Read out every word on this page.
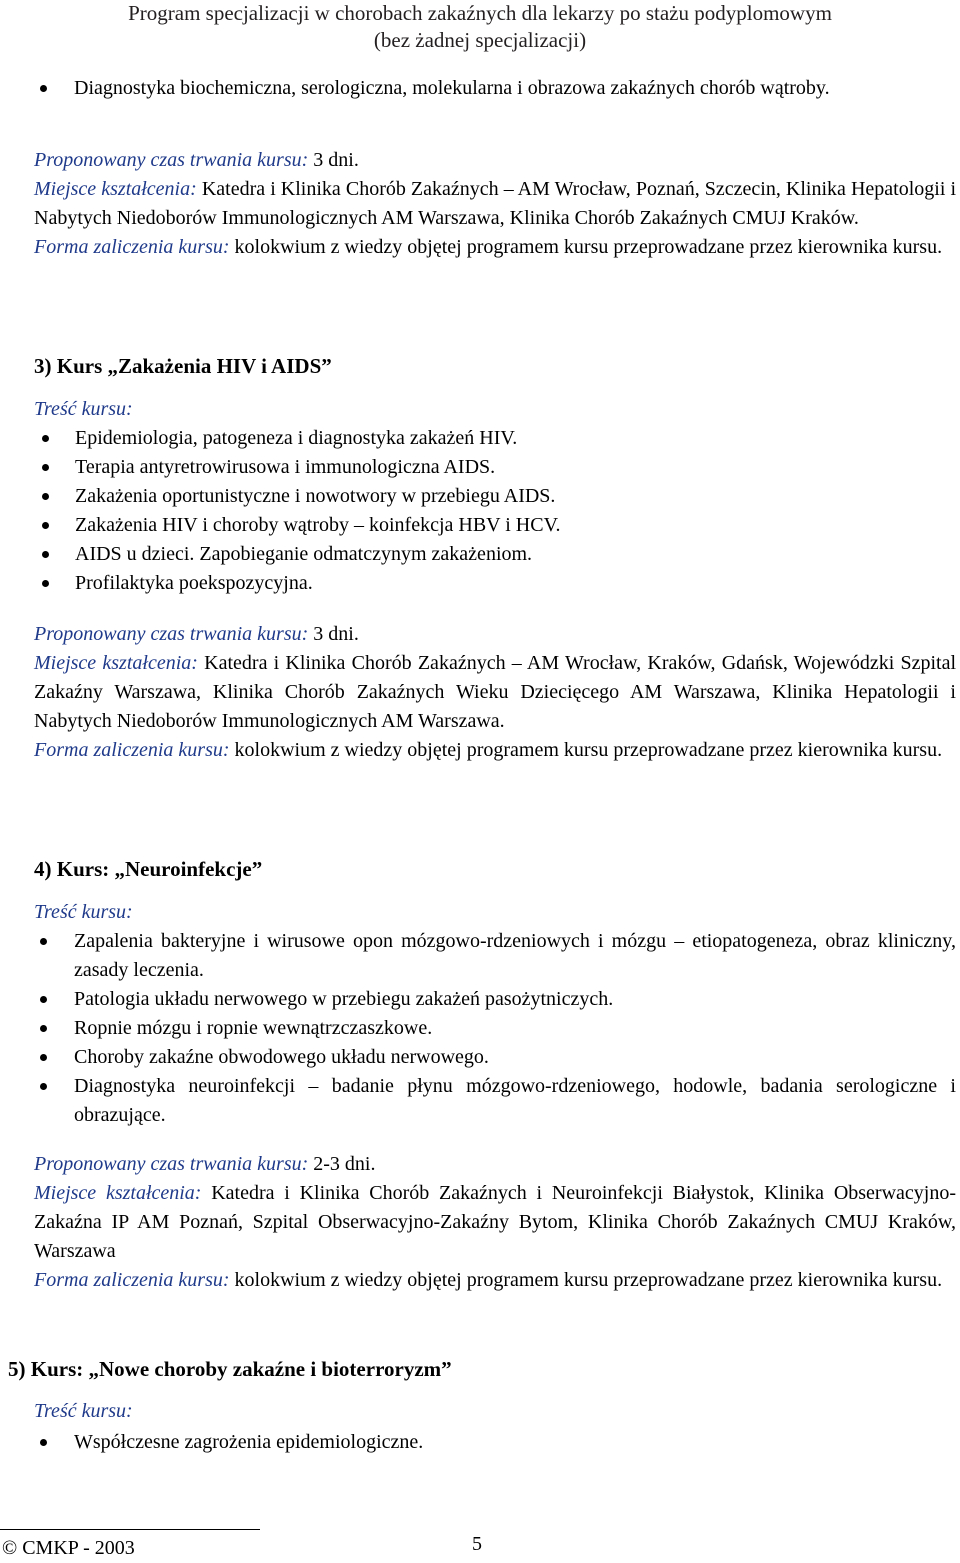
Program specjalizacji w chorobach zakaźnych dla lekarzy po stażu podyplomowym
(bez żadnej specjalizacji)
Diagnostyka biochemiczna, serologiczna, molekularna i obrazowa zakaźnych chorób wątroby.

Proponowany czas trwania kursu: 3 dni.

Miejsce kształcenia: Katedra i Klinika Chorób Zakaźnych – AM Wrocław, Poznań, Szczecin, Klinika Hepatologii i Nabytych Niedoborów Immunologicznych AM Warszawa, Klinika Chorób Zakaźnych CMUJ Kraków.

Forma zaliczenia kursu: kolokwium z wiedzy objętej programem kursu przeprowadzane przez kierownika kursu.

3) Kurs „Zakażenia HIV i AIDS”

Treść kursu:

Epidemiologia, patogeneza i diagnostyka zakażeń HIV.
Terapia antyretrowirusowa i immunologiczna AIDS.
Zakażenia oportunistyczne i nowotwory w przebiegu AIDS.
Zakażenia HIV i choroby wątroby – koinfekcja HBV i HCV.
AIDS u dzieci. Zapobieganie odmatczynym zakażeniom.
Profilaktyka poekspozycyjna.

Proponowany czas trwania kursu: 3 dni.

Miejsce kształcenia: Katedra i Klinika Chorób Zakaźnych – AM Wrocław, Kraków, Gdańsk, Wojewódzki Szpital Zakaźny Warszawa, Klinika Chorób Zakaźnych Wieku Dziecięcego AM Warszawa, Klinika Hepatologii i Nabytych Niedoborów Immunologicznych AM Warszawa.

Forma zaliczenia kursu: kolokwium z wiedzy objętej programem kursu przeprowadzane przez kierownika kursu.

4) Kurs: „Neuroinfekcje”

Treść kursu:

Zapalenia bakteryjne i wirusowe opon mózgowo-rdzeniowych i mózgu – etiopatogeneza, obraz kliniczny, zasady leczenia.
Patologia układu nerwowego w przebiegu zakażeń pasożytniczych.
Ropnie mózgu i ropnie wewnątrzczaszkowe.
Choroby zakaźne obwodowego układu nerwowego.
Diagnostyka neuroinfekcji – badanie płynu mózgowo-rdzeniowego, hodowle, badania serologiczne i obrazujące.

Proponowany czas trwania kursu: 2-3 dni.

Miejsce kształcenia: Katedra i Klinika Chorób Zakaźnych i Neuroinfekcji Białystok, Klinika Obserwacyjno-Zakaźna IP AM Poznań, Szpital Obserwacyjno-Zakaźny Bytom, Klinika Chorób Zakaźnych CMUJ Kraków, Warszawa

Forma zaliczenia kursu: kolokwium z wiedzy objętej programem kursu przeprowadzane przez kierownika kursu.

5) Kurs: „Nowe choroby zakaźne i bioterroryzm”

Treść kursu:

Współczesne zagrożenia epidemiologiczne.
© CMKP - 2003	5
